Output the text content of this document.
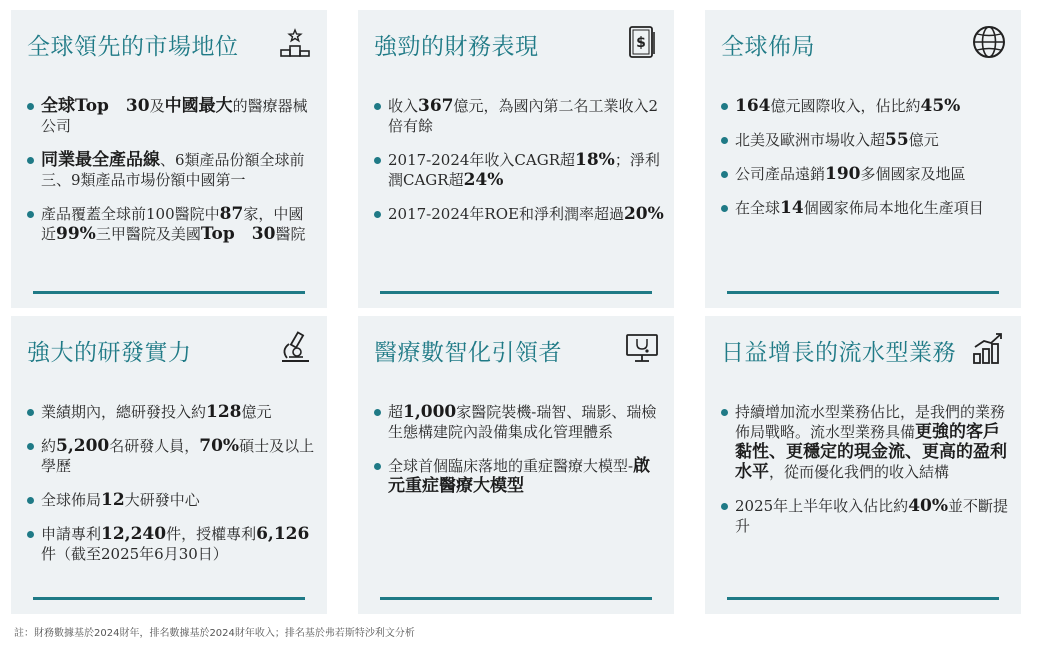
全球領先的市場地位
全球Top　30及中國最大的醫療器械公司
同業最全產品線、6類產品份額全球前三、9類產品市場份額中國第一
產品覆蓋全球前100醫院中87家，中國近99%三甲醫院及美國Top　30醫院
強勁的財務表現	$
收入367億元，為國內第二名工業收入2倍有餘
2017-2024年收入CAGR超18%；淨利潤CAGR超24%
2017-2024年ROE和淨利潤率超過20%
全球佈局
164億元國際收入，佔比約45%
北美及歐洲市場收入超55億元
公司產品遠銷190多個國家及地區
在全球14個國家佈局本地化生產項目
強大的研發實力
業績期內，總研發投入約128億元
約5,200名研發人員，70%碩士及以上學歷
全球佈局12大研發中心
申請專利12,240件，授權專利6,126件（截至2025年6月30日）
醫療數智化引領者
超1,000家醫院裝機-瑞智、瑞影、瑞檢生態構建院內設備集成化管理體系
全球首個臨床落地的重症醫療大模型-啟元重症醫療大模型
日益增長的流水型業務
持續增加流水型業務佔比，是我們的業務佈局戰略。流水型業務具備更強的客戶黏性、更穩定的現金流、更高的盈利水平，從而優化我們的收入結構
2025年上半年收入佔比約40%並不斷提升
註：財務數據基於2024財年，排名數據基於2024財年收入；排名基於弗若斯特沙利文分析
